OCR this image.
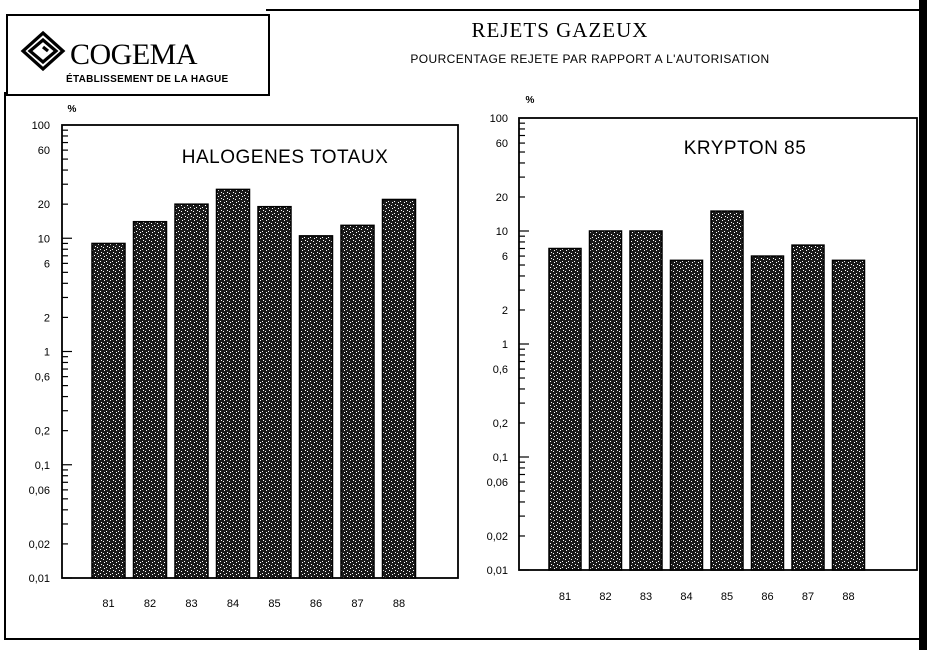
COGEMA
ÉTABLISSEMENT DE LA HAGUE
REJETS GAZEUX
POURCENTAGE REJETE PAR RAPPORT A L'AUTORISATION
100
60
20
10
6
2
1
0,6
0,2
0,1
0,06
0,02
0,01
%
HALOGENES TOTAUX
81	82	83	84	85	86	87	88
100
60
20
10
6
2
1
0,6
0,2
0,1
0,06
0,02
0,01
%
KRYPTON 85
81	82	83	84	85	86	87	88
